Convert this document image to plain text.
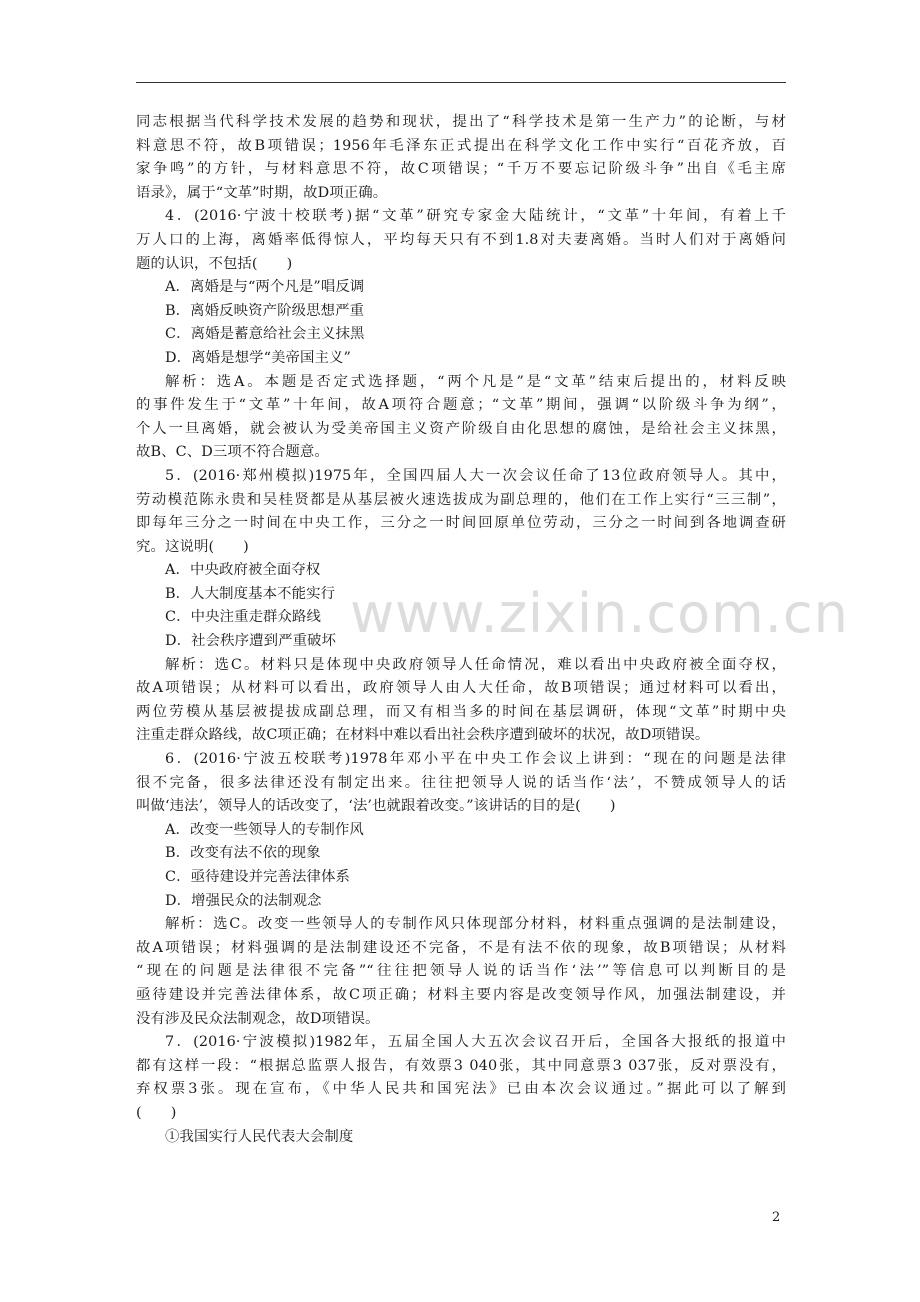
www.zixin.com.cn
同志根据当代科学技术发展的趋势和现状，提出了“科学技术是第一生产力”的论断，与材
料意思不符，故B项错误；1956年毛泽东正式提出在科学文化工作中实行“百花齐放，百
家争鸣”的方针，与材料意思不符，故C项错误；“千万不要忘记阶级斗争”出自《毛主席
语录》，属于“文革”时期，故D项正确。
4．(2016·宁波十校联考)据“文革”研究专家金大陆统计，“文革”十年间，有着上千
万人口的上海，离婚率低得惊人，平均每天只有不到1.8对夫妻离婚。当时人们对于离婚问
题的认识，不包括(　　)
A．离婚是与“两个凡是”唱反调
B．离婚反映资产阶级思想严重
C．离婚是蓄意给社会主义抹黑
D．离婚是想学“美帝国主义”
解析：选A。本题是否定式选择题，“两个凡是”是“文革”结束后提出的，材料反映
的事件发生于“文革”十年间，故A项符合题意；“文革”期间，强调“以阶级斗争为纲”，
个人一旦离婚，就会被认为受美帝国主义资产阶级自由化思想的腐蚀，是给社会主义抹黑，
故B、C、D三项不符合题意。
5．(2016·郑州模拟)1975年，全国四届人大一次会议任命了13位政府领导人。其中，
劳动模范陈永贵和吴桂贤都是从基层被火速选拔成为副总理的，他们在工作上实行“三三制”，
即每年三分之一时间在中央工作，三分之一时间回原单位劳动，三分之一时间到各地调查研
究。这说明(　　)
A．中央政府被全面夺权
B．人大制度基本不能实行
C．中央注重走群众路线
D．社会秩序遭到严重破坏
解析：选C。材料只是体现中央政府领导人任命情况，难以看出中央政府被全面夺权，
故A项错误；从材料可以看出，政府领导人由人大任命，故B项错误；通过材料可以看出，
两位劳模从基层被提拔成副总理，而又有相当多的时间在基层调研，体现“文革”时期中央
注重走群众路线，故C项正确；在材料中难以看出社会秩序遭到破坏的状况，故D项错误。
6．(2016·宁波五校联考)1978年邓小平在中央工作会议上讲到：“现在的问题是法律
很不完备，很多法律还没有制定出来。往往把领导人说的话当作‘法’，不赞成领导人的话
叫做‘违法’，领导人的话改变了，‘法’也就跟着改变。”该讲话的目的是(　　)
A．改变一些领导人的专制作风
B．改变有法不依的现象
C．亟待建设并完善法律体系
D．增强民众的法制观念
解析：选C。改变一些领导人的专制作风只体现部分材料，材料重点强调的是法制建设，
故A项错误；材料强调的是法制建设还不完备，不是有法不依的现象，故B项错误；从材料
“现在的问题是法律很不完备”“往往把领导人说的话当作‘法’”等信息可以判断目的是
亟待建设并完善法律体系，故C项正确；材料主要内容是改变领导作风，加强法制建设，并
没有涉及民众法制观念，故D项错误。
7．(2016·宁波模拟)1982年，五届全国人大五次会议召开后，全国各大报纸的报道中
都有这样一段：“根据总监票人报告，有效票3 040张，其中同意票3 037张，反对票没有，
弃权票3张。现在宣布，《中华人民共和国宪法》已由本次会议通过。”据此可以了解到
(　　)
①我国实行人民代表大会制度
2
